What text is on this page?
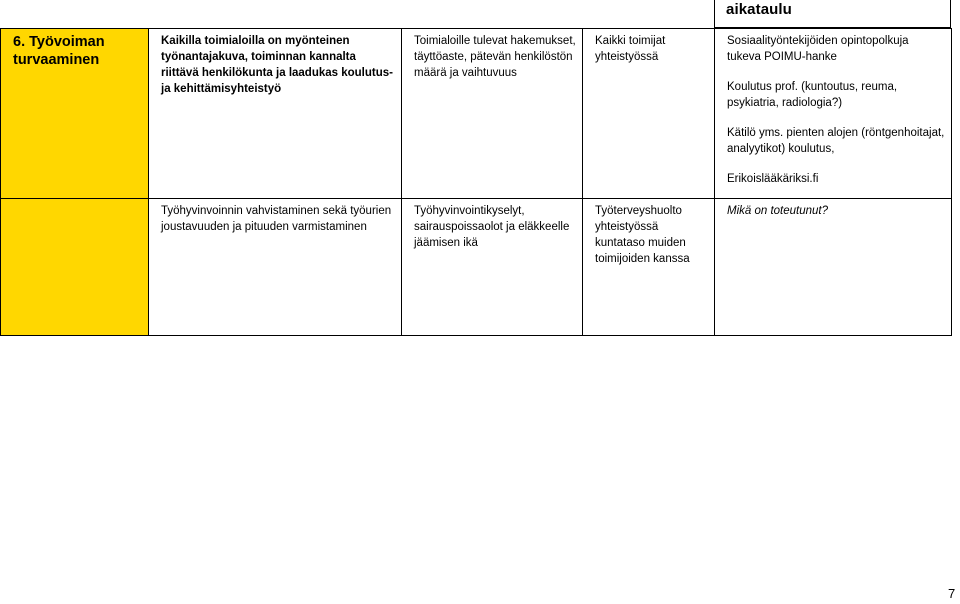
aikataulu
6. Työvoiman turvaaminen	Kaikilla toimialoilla on myönteinen työnantajakuva, toiminnan kannalta riittävä henkilökunta ja laadukas koulutus- ja kehittämisyhteistyö	Toimialoille tulevat hakemukset, täyttöaste, pätevän henkilöstön määrä ja vaihtuvuus	Kaikki toimijat yhteistyössä	Sosiaalityöntekijöiden opintopolkuja tukeva POIMU-hanke
Koulutus prof. (kuntoutus, reuma, psykiatria, radiologia?)
Kätilö yms. pienten alojen (röntgenhoitajat, analyytikot) koulutus,
Erikoislääkäriksi.fi

	Työhyvinvoinnin vahvistaminen sekä työurien joustavuuden ja pituuden varmistaminen	Työhyvinvointikyselyt, sairauspoissaolot ja eläkkeelle jäämisen ikä	Työterveyshuolto yhteistyössä kuntataso muiden toimijoiden kanssa	Mikä on toteutunut?
7
